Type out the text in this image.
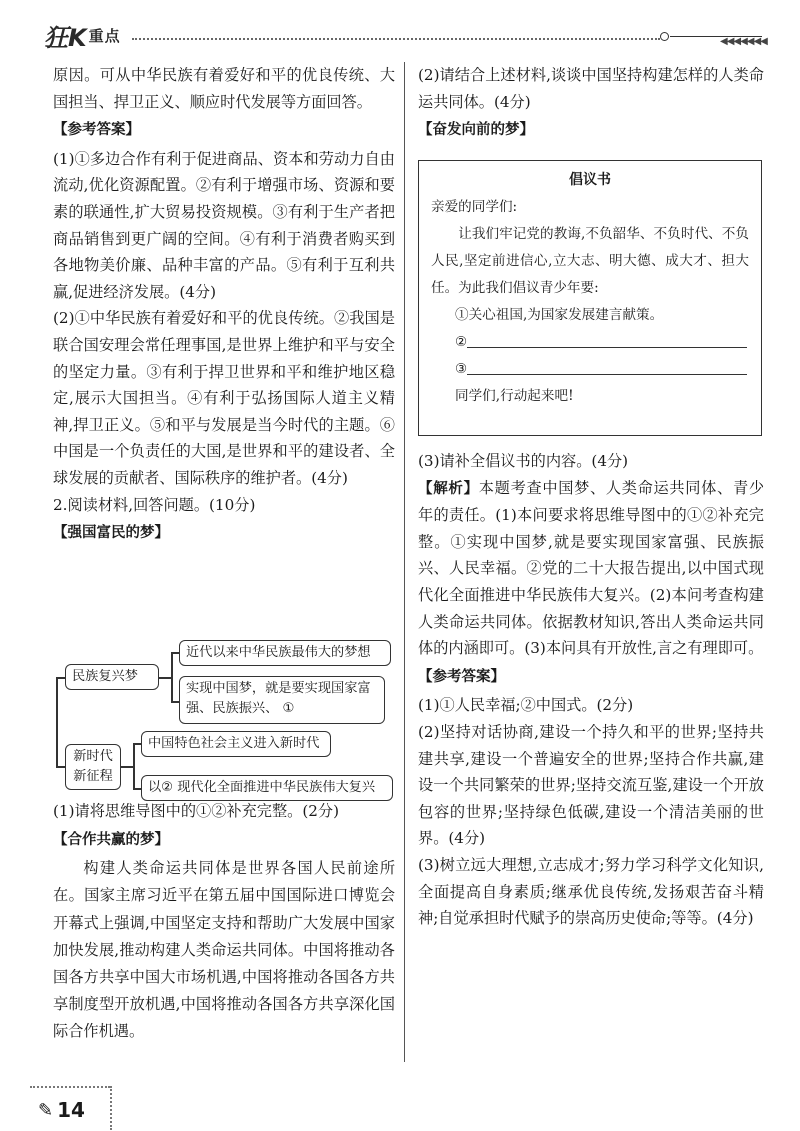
狂K 重点	◀◀◀◀◀◀◀

原因。可从中华民族有着爱好和平的优良传统、大国担当、捍卫正义、顺应时代发展等方面回答。

【参考答案】

(1)①多边合作有利于促进商品、资本和劳动力自由流动,优化资源配置。②有利于增强市场、资源和要素的联通性,扩大贸易投资规模。③有利于生产者把商品销售到更广阔的空间。④有利于消费者购买到各地物美价廉、品种丰富的产品。⑤有利于互利共赢,促进经济发展。(4分)

(2)①中华民族有着爱好和平的优良传统。②我国是联合国安理会常任理事国,是世界上维护和平与安全的坚定力量。③有利于捍卫世界和平和维护地区稳定,展示大国担当。④有利于弘扬国际人道主义精神,捍卫正义。⑤和平与发展是当今时代的主题。⑥中国是一个负责任的大国,是世界和平的建设者、全球发展的贡献者、国际秩序的维护者。(4分)

2.阅读材料,回答问题。(10分)

【强国富民的梦】

民族复兴梦
近代以来中华民族最伟大的梦想
实现中国梦，就是要实现国家富强、民族振兴、 ①
新时代新征程
中国特色社会主义进入新时代
以② 现代化全面推进中华民族伟大复兴

(1)请将思维导图中的①②补充完整。(2分)

【合作共赢的梦】

构建人类命运共同体是世界各国人民前途所在。国家主席习近平在第五届中国国际进口博览会开幕式上强调,中国坚定支持和帮助广大发展中国家加快发展,推动构建人类命运共同体。中国将推动各国各方共享中国大市场机遇,中国将推动各国各方共享制度型开放机遇,中国将推动各国各方共享深化国际合作机遇。

(2)请结合上述材料,谈谈中国坚持构建怎样的人类命运共同体。(4分)

【奋发向前的梦】

倡议书
亲爱的同学们:
让我们牢记党的教诲,不负韶华、不负时代、不负人民,坚定前进信心,立大志、明大德、成大才、担大任。为此我们倡议青少年要:
①关心祖国,为国家发展建言献策。
②
③
同学们,行动起来吧!

(3)请补全倡议书的内容。(4分)

【解析】本题考查中国梦、人类命运共同体、青少年的责任。(1)本问要求将思维导图中的①②补充完整。①实现中国梦,就是要实现国家富强、民族振兴、人民幸福。②党的二十大报告提出,以中国式现代化全面推进中华民族伟大复兴。(2)本问考查构建人类命运共同体。依据教材知识,答出人类命运共同体的内涵即可。(3)本问具有开放性,言之有理即可。

【参考答案】

(1)①人民幸福;②中国式。(2分)

(2)坚持对话协商,建设一个持久和平的世界;坚持共建共享,建设一个普遍安全的世界;坚持合作共赢,建设一个共同繁荣的世界;坚持交流互鉴,建设一个开放包容的世界;坚持绿色低碳,建设一个清洁美丽的世界。(4分)

(3)树立远大理想,立志成才;努力学习科学文化知识,全面提高自身素质;继承优良传统,发扬艰苦奋斗精神;自觉承担时代赋予的崇高历史使命;等等。(4分)

✎ 14
